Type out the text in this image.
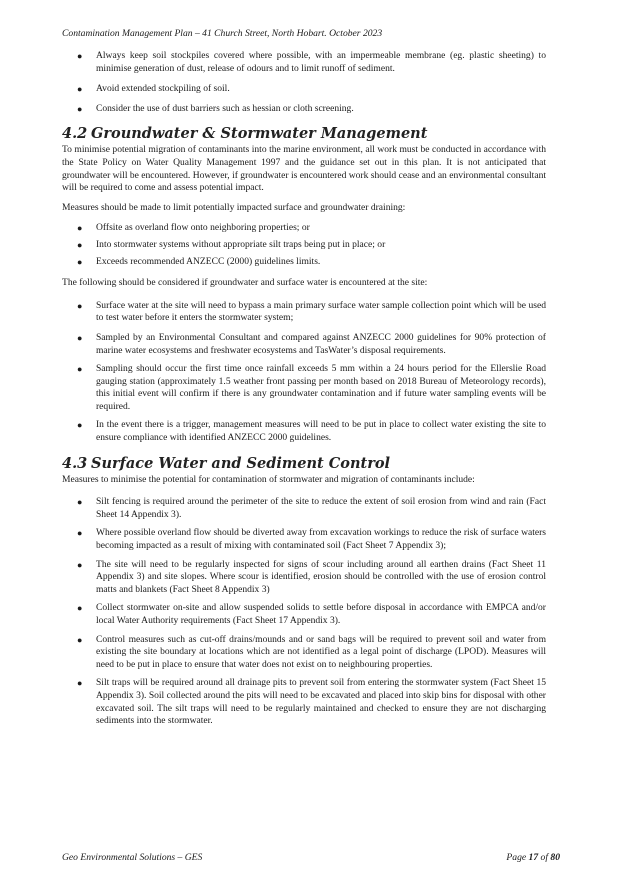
Contamination Management Plan – 41 Church Street, North Hobart. October 2023
●	Always keep soil stockpiles covered where possible, with an impermeable membrane (eg. plastic sheeting) to minimise generation of dust, release of odours and to limit runoff of sediment.
●	Avoid extended stockpiling of soil.
●	Consider the use of dust barriers such as hessian or cloth screening.
4.2 Groundwater & Stormwater Management
To minimise potential migration of contaminants into the marine environment, all work must be conducted in accordance with the State Policy on Water Quality Management 1997 and the guidance set out in this plan. It is not anticipated that groundwater will be encountered. However, if groundwater is encountered work should cease and an environmental consultant will be required to come and assess potential impact.
Measures should be made to limit potentially impacted surface and groundwater draining:
●	Offsite as overland flow onto neighboring properties; or
●	Into stormwater systems without appropriate silt traps being put in place; or
●	Exceeds recommended ANZECC (2000) guidelines limits.
The following should be considered if groundwater and surface water is encountered at the site:
●	Surface water at the site will need to bypass a main primary surface water sample collection point which will be used to test water before it enters the stormwater system;
●	Sampled by an Environmental Consultant and compared against ANZECC 2000 guidelines for 90% protection of marine water ecosystems and freshwater ecosystems and TasWater’s disposal requirements.
●	Sampling should occur the first time once rainfall exceeds 5 mm within a 24 hours period for the Ellerslie Road gauging station (approximately 1.5 weather front passing per month based on 2018 Bureau of Meteorology records), this initial event will confirm if there is any groundwater contamination and if future water sampling events will be required.
●	In the event there is a trigger, management measures will need to be put in place to collect water existing the site to ensure compliance with identified ANZECC 2000 guidelines.
4.3 Surface Water and Sediment Control
Measures to minimise the potential for contamination of stormwater and migration of contaminants include:
●	Silt fencing is required around the perimeter of the site to reduce the extent of soil erosion from wind and rain (Fact Sheet 14 Appendix 3).
●	Where possible overland flow should be diverted away from excavation workings to reduce the risk of surface waters becoming impacted as a result of mixing with contaminated soil (Fact Sheet 7 Appendix 3);
●	The site will need to be regularly inspected for signs of scour including around all earthen drains (Fact Sheet 11 Appendix 3) and site slopes. Where scour is identified, erosion should be controlled with the use of erosion control matts and blankets (Fact Sheet 8 Appendix 3)
●	Collect stormwater on-site and allow suspended solids to settle before disposal in accordance with EMPCA and/or local Water Authority requirements (Fact Sheet 17 Appendix 3).
●	Control measures such as cut-off drains/mounds and or sand bags will be required to prevent soil and water from existing the site boundary at locations which are not identified as a legal point of discharge (LPOD). Measures will need to be put in place to ensure that water does not exist on to neighbouring properties.
●	Silt traps will be required around all drainage pits to prevent soil from entering the stormwater system (Fact Sheet 15 Appendix 3). Soil collected around the pits will need to be excavated and placed into skip bins for disposal with other excavated soil. The silt traps will need to be regularly maintained and checked to ensure they are not discharging sediments into the stormwater.
Geo Environmental Solutions – GES	Page 17 of 80
